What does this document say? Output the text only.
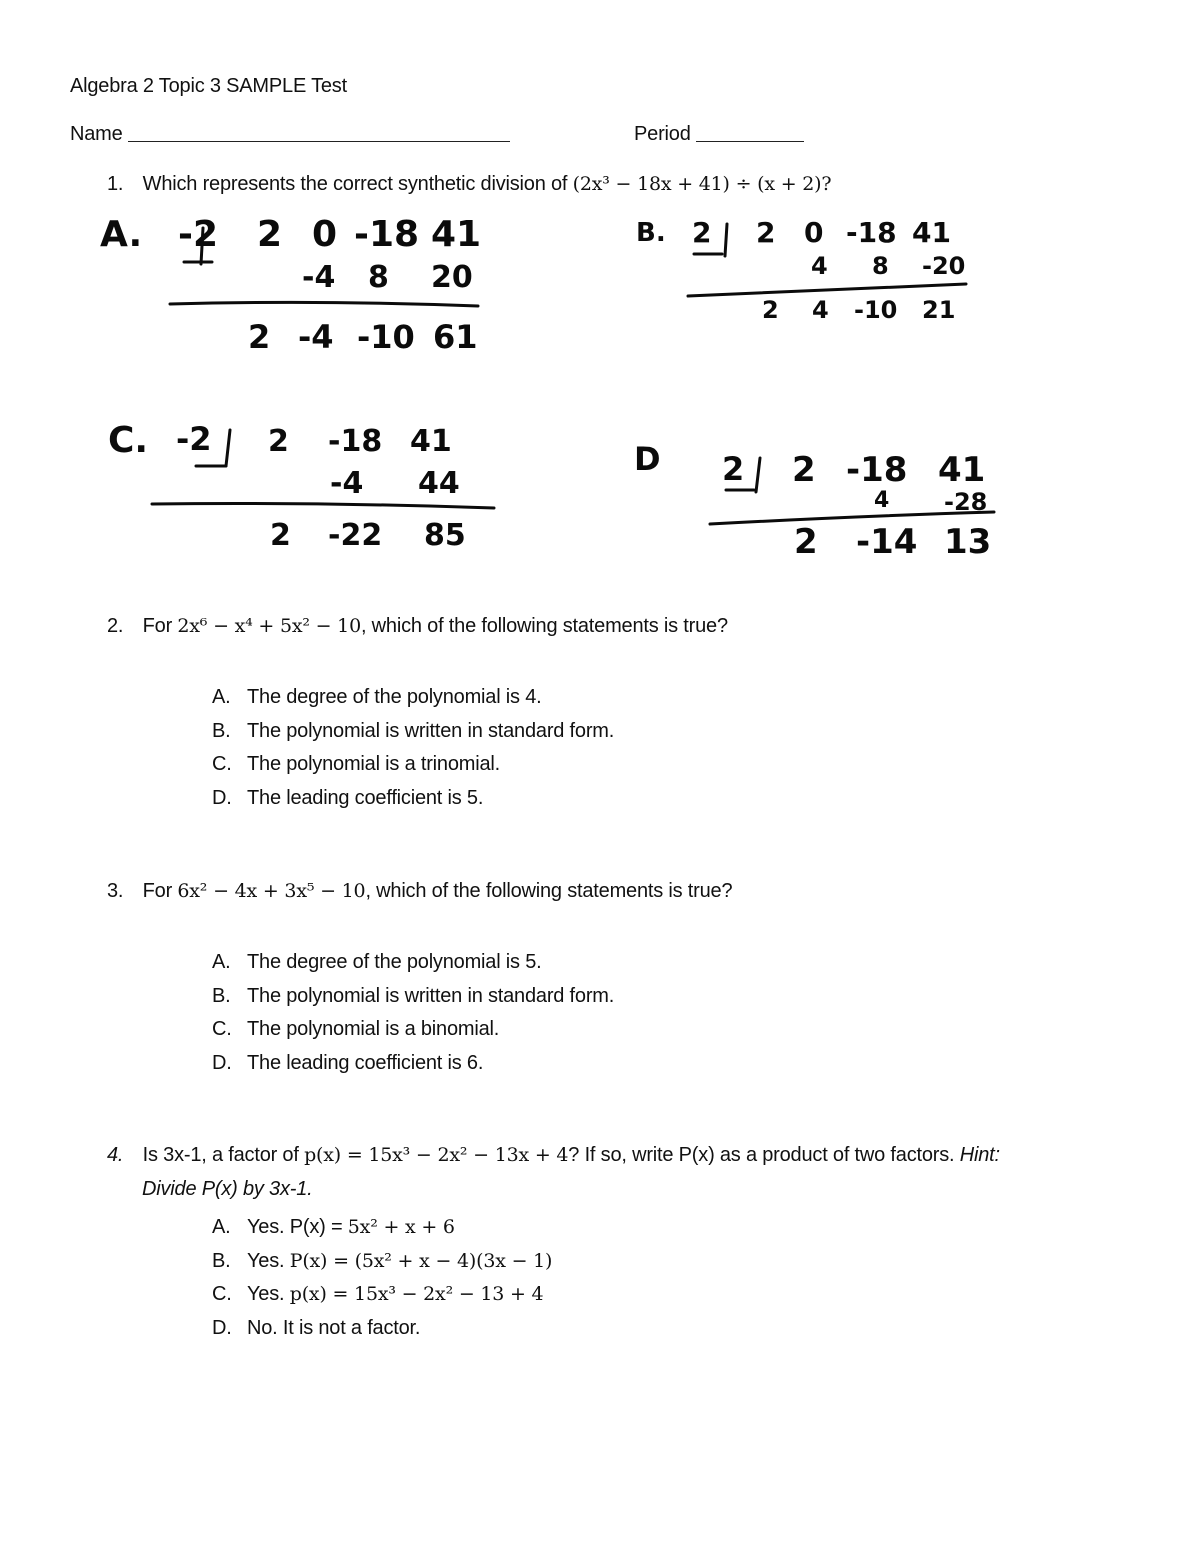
Algebra 2 Topic 3 SAMPLE Test
Name	Period
1. Which represents the correct synthetic division of (2x³ − 18x + 41) ÷ (x + 2)?
A. -2 2 0 -18 41
-4 8 20
2 -4 -10 61
B. 2 2 0 -18 41
4 8 -20
2 4 -10 21
C. -2 2 -18 41
-4 44
2 -22 85
D 2 2 -18 41
4 -28
2 -14 13
2. For 2x⁶ − x⁴ + 5x² − 10, which of the following statements is true?
A. The degree of the polynomial is 4.
B. The polynomial is written in standard form.
C. The polynomial is a trinomial.
D. The leading coefficient is 5.
3. For 6x² − 4x + 3x⁵ − 10, which of the following statements is true?
A. The degree of the polynomial is 5.
B. The polynomial is written in standard form.
C. The polynomial is a binomial.
D. The leading coefficient is 6.
4. Is 3x-1, a factor of p(x) = 15x³ − 2x² − 13x + 4? If so, write P(x) as a product of two factors. Hint:
Divide P(x) by 3x-1.
A. Yes. P(x) = 5x² + x + 6
B. Yes. P(x) = (5x² + x − 4)(3x − 1)
C. Yes. p(x) = 15x³ − 2x² − 13 + 4
D. No. It is not a factor.
